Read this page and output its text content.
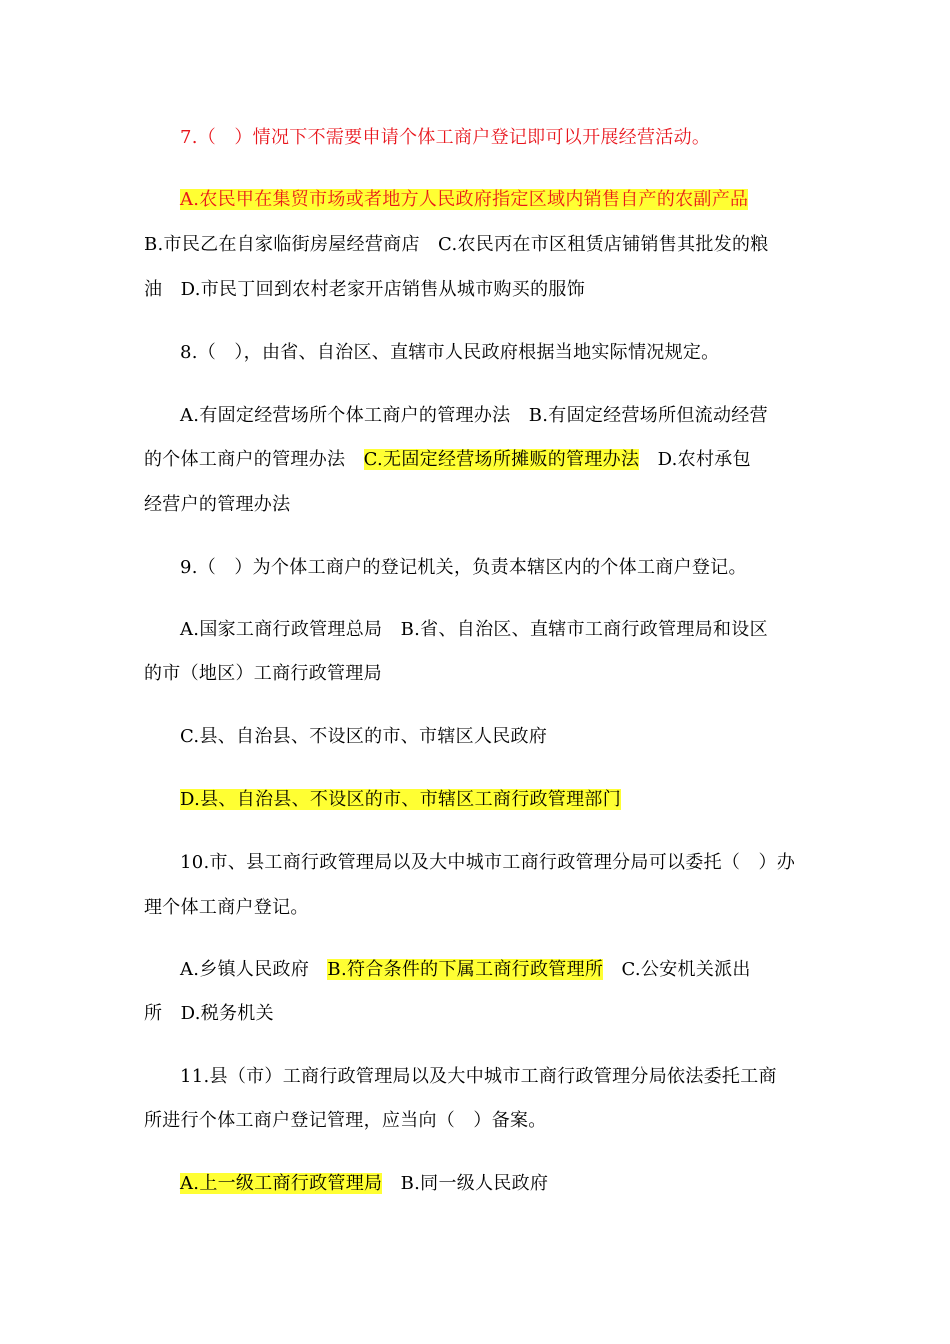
7.（　）情况下不需要申请个体工商户登记即可以开展经营活动。
A.农民甲在集贸市场或者地方人民政府指定区域内销售自产的农副产品
B.市民乙在自家临街房屋经营商店　C.农民丙在市区租赁店铺销售其批发的粮
油　D.市民丁回到农村老家开店销售从城市购买的服饰
8.（　），由省、自治区、直辖市人民政府根据当地实际情况规定。
A.有固定经营场所个体工商户的管理办法　B.有固定经营场所但流动经营
的个体工商户的管理办法　C.无固定经营场所摊贩的管理办法　D.农村承包
经营户的管理办法
9.（　）为个体工商户的登记机关，负责本辖区内的个体工商户登记。
A.国家工商行政管理总局　B.省、自治区、直辖市工商行政管理局和设区
的市（地区）工商行政管理局
C.县、自治县、不设区的市、市辖区人民政府
D.县、自治县、不设区的市、市辖区工商行政管理部门
10.市、县工商行政管理局以及大中城市工商行政管理分局可以委托（　）办
理个体工商户登记。
A.乡镇人民政府　B.符合条件的下属工商行政管理所　C.公安机关派出
所　D.税务机关
11.县（市）工商行政管理局以及大中城市工商行政管理分局依法委托工商
所进行个体工商户登记管理，应当向（　）备案。
A.上一级工商行政管理局　B.同一级人民政府
